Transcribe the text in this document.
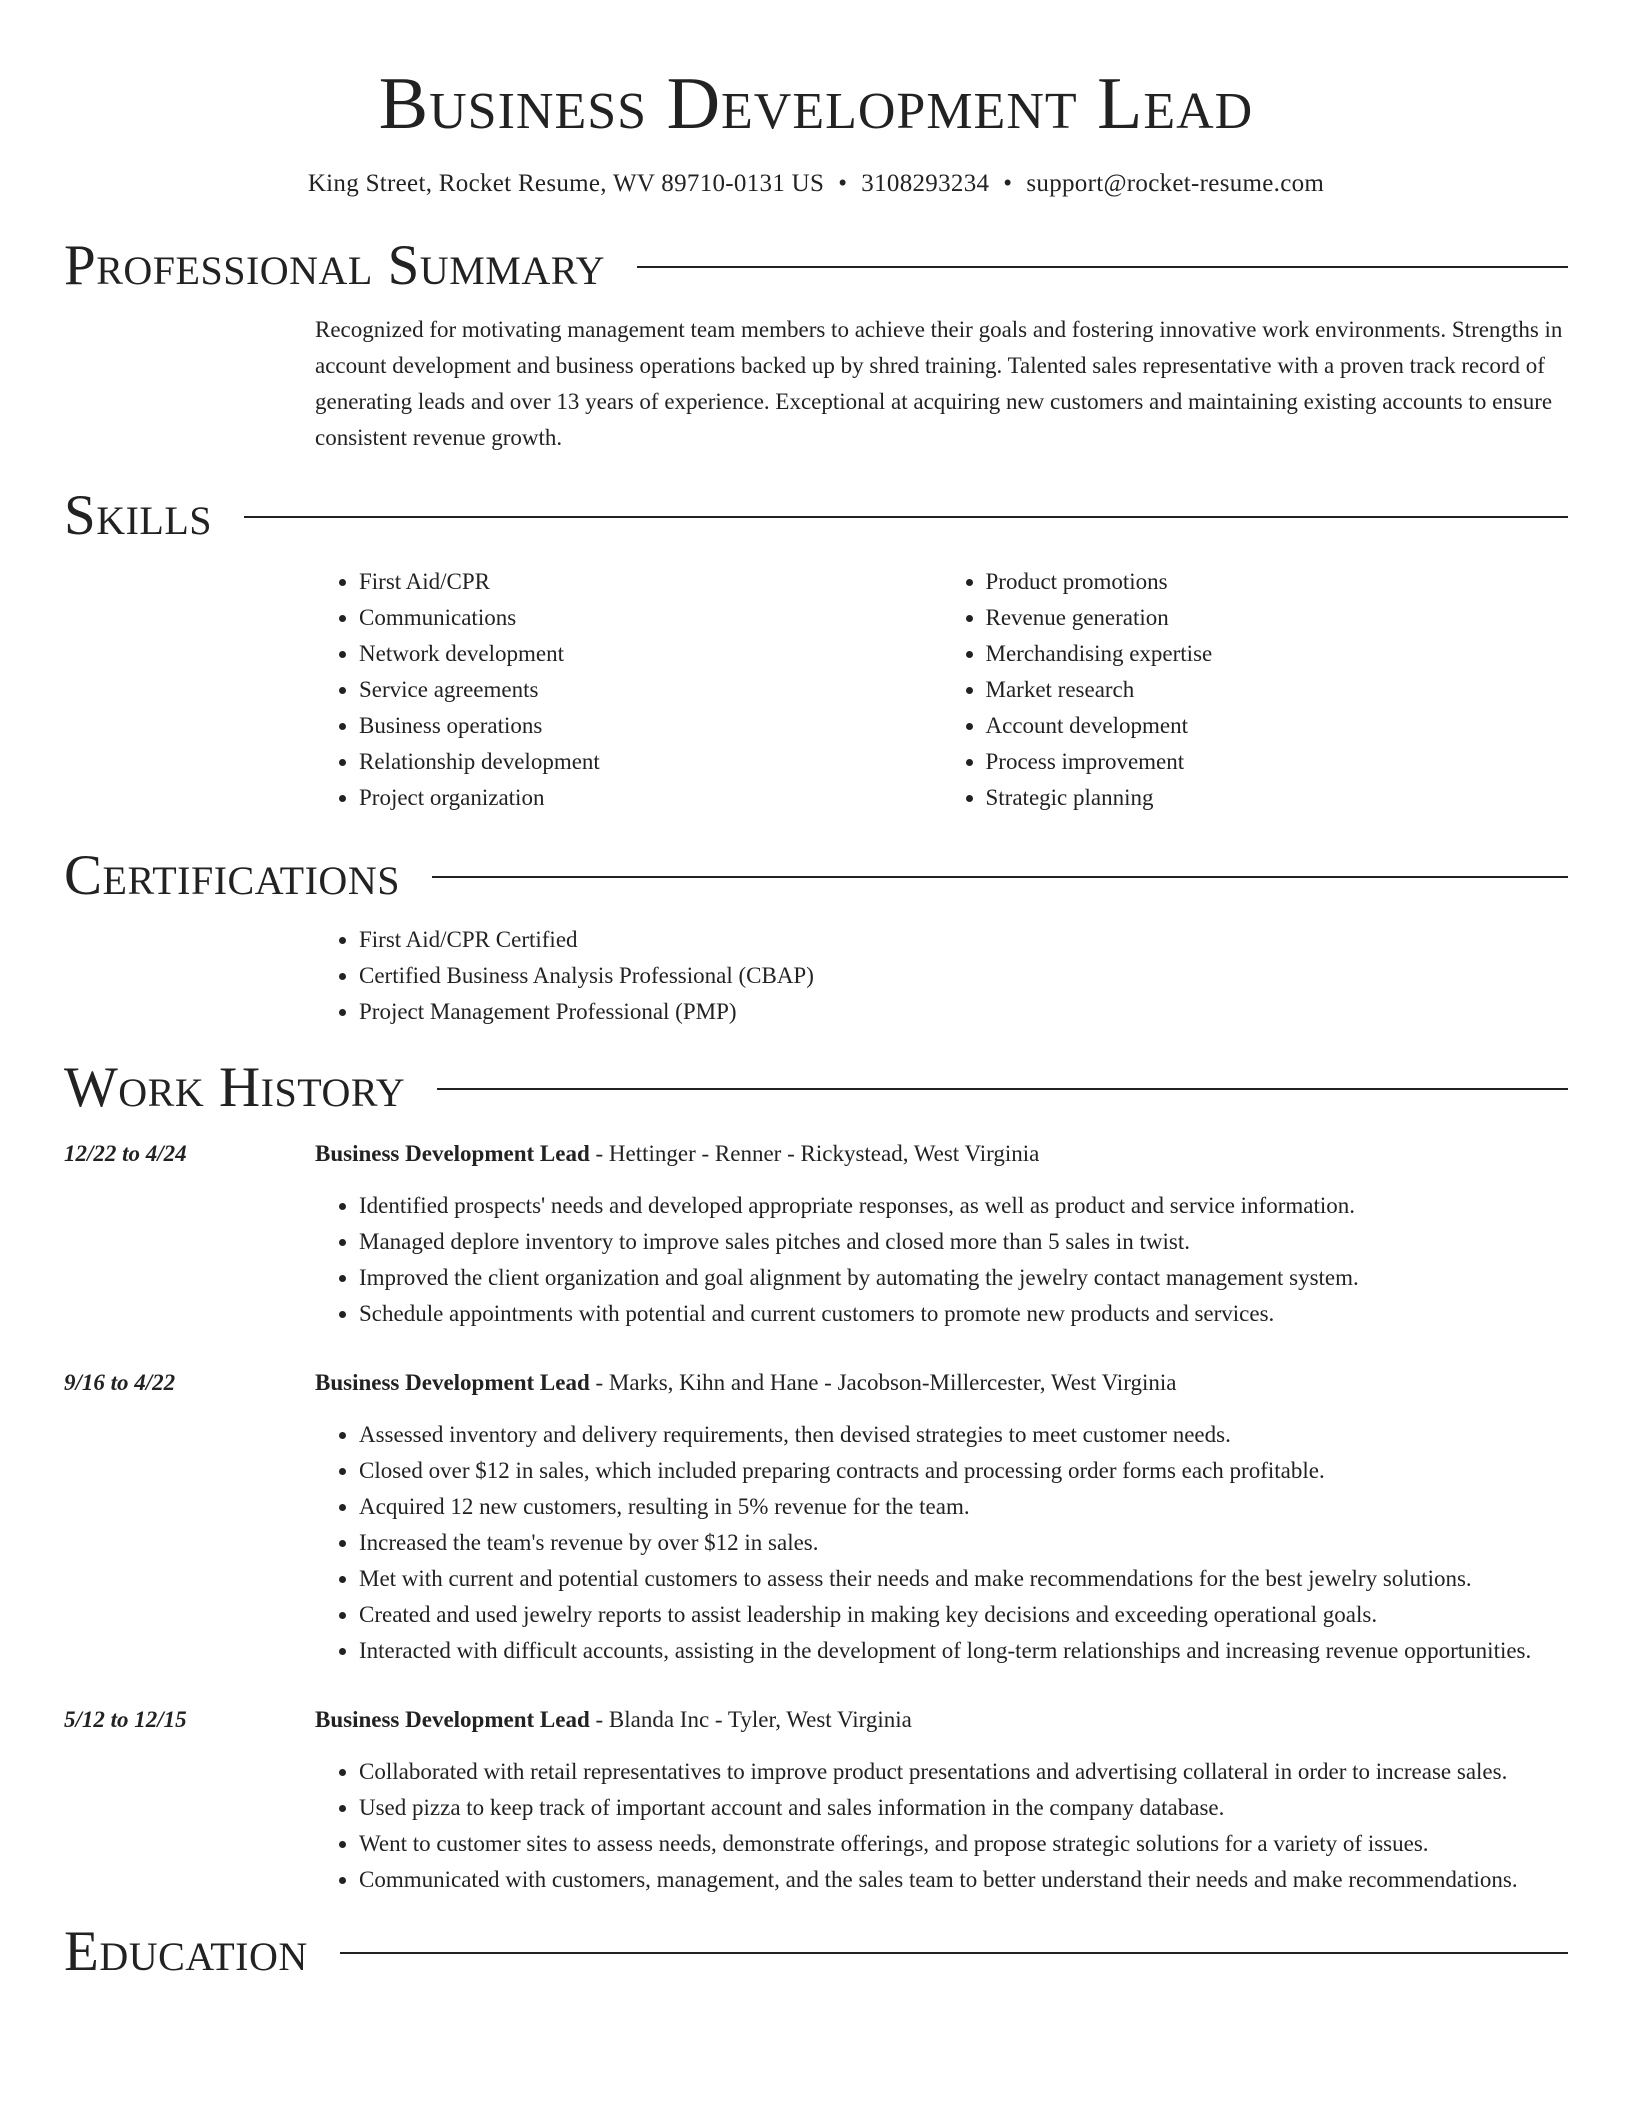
Business Development Lead
King Street, Rocket Resume, WV 89710-0131 US • 3108293234 • support@rocket-resume.com
Professional Summary
Recognized for motivating management team members to achieve their goals and fostering innovative work environments. Strengths in account development and business operations backed up by shred training. Talented sales representative with a proven track record of generating leads and over 13 years of experience. Exceptional at acquiring new customers and maintaining existing accounts to ensure consistent revenue growth.
Skills
• First Aid/CPR
• Communications
• Network development
• Service agreements
• Business operations
• Relationship development
• Project organization
• Product promotions
• Revenue generation
• Merchandising expertise
• Market research
• Account development
• Process improvement
• Strategic planning
Certifications
• First Aid/CPR Certified
• Certified Business Analysis Professional (CBAP)
• Project Management Professional (PMP)
Work History
12/22 to 4/24	Business Development Lead - Hettinger - Renner - Rickystead, West Virginia
• Identified prospects' needs and developed appropriate responses, as well as product and service information.
• Managed deplore inventory to improve sales pitches and closed more than 5 sales in twist.
• Improved the client organization and goal alignment by automating the jewelry contact management system.
• Schedule appointments with potential and current customers to promote new products and services.
9/16 to 4/22	Business Development Lead - Marks, Kihn and Hane - Jacobson-Millercester, West Virginia
• Assessed inventory and delivery requirements, then devised strategies to meet customer needs.
• Closed over $12 in sales, which included preparing contracts and processing order forms each profitable.
• Acquired 12 new customers, resulting in 5% revenue for the team.
• Increased the team's revenue by over $12 in sales.
• Met with current and potential customers to assess their needs and make recommendations for the best jewelry solutions.
• Created and used jewelry reports to assist leadership in making key decisions and exceeding operational goals.
• Interacted with difficult accounts, assisting in the development of long-term relationships and increasing revenue opportunities.
5/12 to 12/15	Business Development Lead - Blanda Inc - Tyler, West Virginia
• Collaborated with retail representatives to improve product presentations and advertising collateral in order to increase sales.
• Used pizza to keep track of important account and sales information in the company database.
• Went to customer sites to assess needs, demonstrate offerings, and propose strategic solutions for a variety of issues.
• Communicated with customers, management, and the sales team to better understand their needs and make recommendations.
Education
